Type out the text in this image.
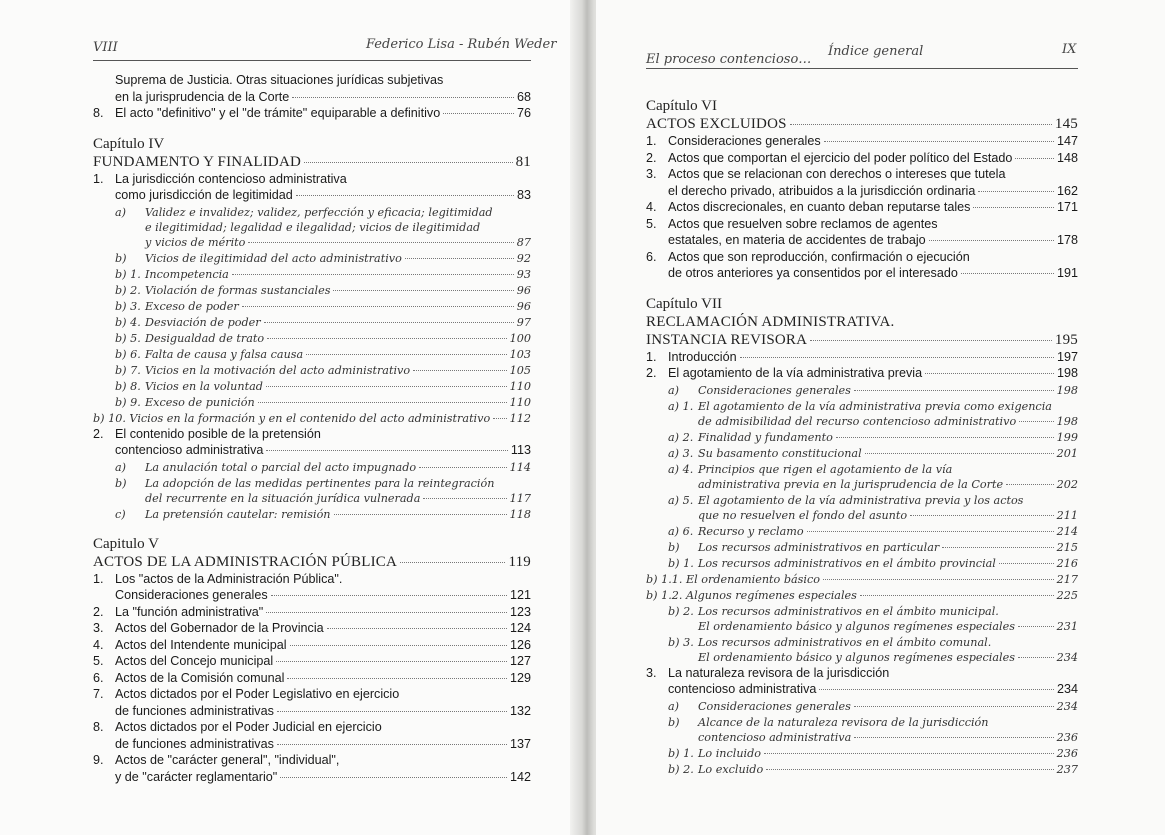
VIII	Federico Lisa - Rubén Weder
Suprema de Justicia. Otras situaciones jurídicas subjetivas
en la jurisprudencia de la Corte	68
8. El acto "definitivo" y el "de trámite" equiparable a definitivo	76
Capítulo IV
FUNDAMENTO Y FINALIDAD	81
1. La jurisdicción contencioso administrativa
como jurisdicción de legitimidad	83
a) Validez e invalidez; validez, perfección y eficacia; legitimidad
e ilegitimidad; legalidad e ilegalidad; vicios de ilegitimidad
y vicios de mérito	87
b) Vicios de ilegitimidad del acto administrativo	92
b) 1. Incompetencia	93
b) 2. Violación de formas sustanciales	96
b) 3. Exceso de poder	96
b) 4. Desviación de poder	97
b) 5. Desigualdad de trato	100
b) 6. Falta de causa y falsa causa	103
b) 7. Vicios en la motivación del acto administrativo	105
b) 8. Vicios en la voluntad	110
b) 9. Exceso de punición	110
b) 10. Vicios en la formación y en el contenido del acto administrativo 112
2. El contenido posible de la pretensión
contencioso administrativa	113
a) La anulación total o parcial del acto impugnado	114
b) La adopción de las medidas pertinentes para la reintegración
del recurrente en la situación jurídica vulnerada	117
c) La pretensión cautelar: remisión	118
Capitulo V
ACTOS DE LA ADMINISTRACIÓN PÚBLICA	119
1. Los "actos de la Administración Pública".
Consideraciones generales	121
2. La "función administrativa"	123
3. Actos del Gobernador de la Provincia	124
4. Actos del Intendente municipal	126
5. Actos del Concejo municipal	127
6. Actos de la Comisión comunal	129
7. Actos dictados por el Poder Legislativo en ejercicio
de funciones administrativas	132
8. Actos dictados por el Poder Judicial en ejercicio
de funciones administrativas	137
9. Actos de "carácter general", "individual",
y de "carácter reglamentario"	142
El proceso contencioso…
Índice general	IX
Capítulo VI
ACTOS EXCLUIDOS	145
1. Consideraciones generales	147
2. Actos que comportan el ejercicio del poder político del Estado	148
3. Actos que se relacionan con derechos o intereses que tutela
el derecho privado, atribuidos a la jurisdicción ordinaria	162
4. Actos discrecionales, en cuanto deban reputarse tales	171
5. Actos que resuelven sobre reclamos de agentes
estatales, en materia de accidentes de trabajo	178
6. Actos que son reproducción, confirmación o ejecución
de otros anteriores ya consentidos por el interesado	191
Capítulo VII
RECLAMACIÓN ADMINISTRATIVA.
INSTANCIA REVISORA	195
1. Introducción	197
2. El agotamiento de la vía administrativa previa	198
a) Consideraciones generales	198
a) 1. El agotamiento de la vía administrativa previa como exigencia
de admisibilidad del recurso contencioso administrativo	198
a) 2. Finalidad y fundamento	199
a) 3. Su basamento constitucional	201
a) 4. Principios que rigen el agotamiento de la vía
administrativa previa en la jurisprudencia de la Corte	202
a) 5. El agotamiento de la vía administrativa previa y los actos
que no resuelven el fondo del asunto	211
a) 6. Recurso y reclamo	214
b) Los recursos administrativos en particular	215
b) 1. Los recursos administrativos en el ámbito provincial	216
b) 1.1. El ordenamiento básico	217
b) 1.2. Algunos regímenes especiales	225
b) 2. Los recursos administrativos en el ámbito municipal.
El ordenamiento básico y algunos regímenes especiales	231
b) 3. Los recursos administrativos en el ámbito comunal.
El ordenamiento básico y algunos regímenes especiales	234
3. La naturaleza revisora de la jurisdicción
contencioso administrativa	234
a) Consideraciones generales	234
b) Alcance de la naturaleza revisora de la jurisdicción
contencioso administrativa	236
b) 1. Lo incluido	236
b) 2. Lo excluido	237
